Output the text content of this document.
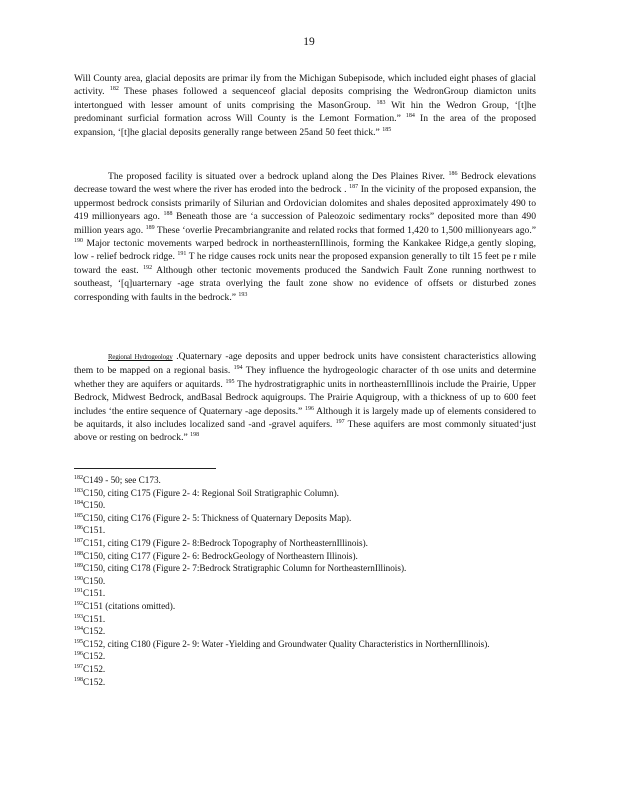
19

Will County area, glacial deposits are primar ily from the Michigan Subepisode, which included eight phases of glacial activity. $^{182}$ These phases followed a sequenceof glacial deposits comprising the WedronGroup diamicton units intertongued with lesser amount of units comprising the MasonGroup. $^{183}$ Wit hin the Wedron Group, ‘[t]he predominant surficial formation across Will County is the Lemont Formation.” $^{184}$ In the area of the proposed expansion, ‘[t]he glacial deposits generally range between 25and 50 feet thick.” $^{185}$

The proposed facility is situated over a bedrock upland along the Des Plaines River. $^{186}$ Bedrock elevations decrease toward the west where the river has eroded into the bedrock . $^{187}$ In the vicinity of the proposed expansion, the uppermost bedrock consists primarily of Silurian and Ordovician dolomites and shales deposited approximately 490 to 419 millionyears ago. $^{188}$ Beneath those are ‘a succession of Paleozoic sedimentary rocks” deposited more than 490 million years ago. $^{189}$ These ‘overlie Precambriangranite and related rocks that formed 1,420 to 1,500 millionyears ago.” $^{190}$ Major tectonic movements warped bedrock in northeasternIllinois, forming the Kankakee Ridge,a gently sloping, low - relief bedrock ridge. $^{191}$ T he ridge causes rock units near the proposed expansion generally to tilt 15 feet pe r mile toward the east. $^{192}$ Although other tectonic movements produced the Sandwich Fault Zone running northwest to southeast, ‘[q]uarternary -age strata overlying the fault zone show no evidence of offsets or disturbed zones corresponding with faults in the bedrock.” $^{193}$

Regional Hydrogeology .Quaternary -age deposits and upper bedrock units have consistent characteristics allowing them to be mapped on a regional basis. $^{194}$ They influence the hydrogeologic character of th ose units and determine whether they are aquifers or aquitards. $^{195}$ The hydrostratigraphic units in northeasternIllinois include the Prairie, Upper Bedrock, Midwest Bedrock, andBasal Bedrock aquigroups. The Prairie Aquigroup, with a thickness of up to 600 feet includes ‘the entire sequence of Quaternary -age deposits.” $^{196}$ Although it is largely made up of elements considered to be aquitards, it also includes localized sand -and -gravel aquifers. $^{197}$ These aquifers are most commonly situated‘just above or resting on bedrock.” $^{198}$

$^{182}$C149 - 50; see C173.
$^{183}$C150, citing C175 (Figure 2- 4: Regional Soil Stratigraphic Column).
$^{184}$C150.
$^{185}$C150, citing C176 (Figure 2- 5: Thickness of Quaternary Deposits Map).
$^{186}$C151.
$^{187}$C151, citing C179 (Figure 2- 8:Bedrock Topography of NortheasternIllinois).
$^{188}$C150, citing C177 (Figure 2- 6: BedrockGeology of Northeastern Illinois).
$^{189}$C150, citing C178 (Figure 2- 7:Bedrock Stratigraphic Column for NortheasternIllinois).
$^{190}$C150.
$^{191}$C151.
$^{192}$C151 (citations omitted).
$^{193}$C151.
$^{194}$C152.
$^{195}$C152, citing C180 (Figure 2- 9: Water -Yielding and Groundwater Quality Characteristics in NorthernIllinois).
$^{196}$C152.
$^{197}$C152.
$^{198}$C152.
